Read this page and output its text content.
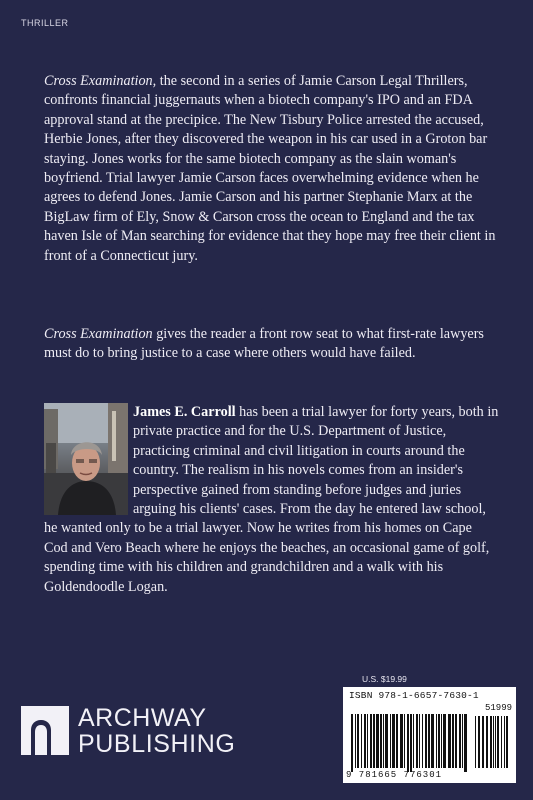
THRILLER

Cross Examination, the second in a series of Jamie Carson Legal Thrillers, confronts financial juggernauts when a biotech company's IPO and an FDA approval stand at the precipice. The New Tisbury Police arrested the accused, Herbie Jones, after they discovered the weapon in his car used in a Groton bar staying. Jones works for the same biotech company as the slain woman's boyfriend. Trial lawyer Jamie Carson faces overwhelming evidence when he agrees to defend Jones. Jamie Carson and his partner Stephanie Marx at the BigLaw firm of Ely, Snow & Carson cross the ocean to England and the tax haven Isle of Man searching for evidence that they hope may free their client in front of a Connecticut jury.

Cross Examination gives the reader a front row seat to what first-rate lawyers must do to bring justice to a case where others would have failed.

James E. Carroll has been a trial lawyer for forty years, both in private practice and for the U.S. Department of Justice, practicing criminal and civil litigation in courts around the country. The realism in his novels comes from an insider's perspective gained from standing before judges and juries arguing his clients' cases. From the day he entered law school, he wanted only to be a trial lawyer. Now he writes from his homes on Cape Cod and Vero Beach where he enjoys the beaches, an occasional game of golf, spending time with his children and grandchildren and a walk with his Goldendoodle Logan.
ARCHWAY
PUBLISHING
U.S. $19.99
ISBN 978-1-6657-7630-1
51999
9 781665 776301
